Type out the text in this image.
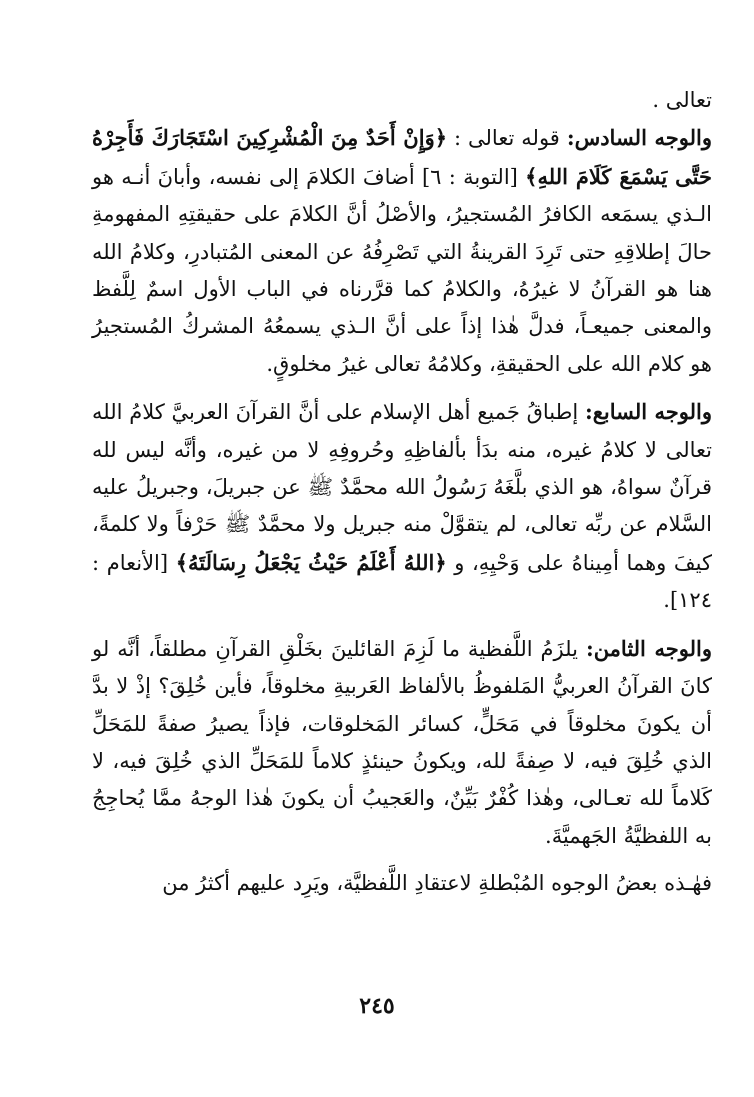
تعالى .

والوجه السادس: قوله تعالى : ﴿وَإِنْ أَحَدٌ مِنَ الْمُشْرِكِينَ اسْتَجَارَكَ فَأَجِرْهُ حَتَّى يَسْمَعَ كَلَامَ اللهِ﴾ [التوبة : ٦] أضافَ الكلامَ إلى نفسه، وأبانَ أنـه هو الـذي يسمَعه الكافرُ المُستجيرُ، والأصْلُ أنَّ الكلامَ على حقيقتِهِ المفهومةِ حالَ إطلاقِهِ حتى تَرِدَ القرينةُ التي تَصْرِفُهُ عن المعنى المُتبادرِ، وكلامُ الله هنا هو القرآنُ لا غيرُهُ، والكلامُ كما قرَّرناه في الباب الأول اسمٌ لِلَّفظ والمعنى جميعـاً، فدلَّ هٰذا إذاً على أنَّ الـذي يسمعُهُ المشركُ المُستجيرُ هو كلام الله على الحقيقةِ، وكلامُهُ تعالى غيرُ مخلوقٍ.

والوجه السابع: إطباقُ جَميع أهل الإسلام على أنَّ القرآنَ العربيَّ كلامُ الله تعالى لا كلامُ غيره، منه بدَأ بألفاظِهِ وحُروفِهِ لا من غيره، وأنَّه ليس لله قرآنٌ سواهُ، هو الذي بلَّغَهُ رَسُولُ الله محمَّدٌ ﷺ عن جبريلَ، وجبريلُ عليه السَّلام عن ربِّه تعالى، لم يتقوَّلْ منه جبريل ولا محمَّدٌ ﷺ حَرْفاً ولا كلمةً، كيفَ وهما أمِيناهُ على وَحْيِهِ، و ﴿اللهُ أَعْلَمُ حَيْثُ يَجْعَلُ رِسَالَتَهُ﴾ [الأنعام : ١٢٤].

والوجه الثامن: يلزَمُ اللَّفظية ما لَزِمَ القائلينَ بخَلْقِ القرآنِ مطلقاً، أنَّه لو كانَ القرآنُ العربيُّ المَلفوظُ بالألفاظ العَربيةِ مخلوقاً، فأين خُلِقَ؟ إذْ لا بدَّ أن يكونَ مخلوقاً في مَحَلٍّ، كسائر المَخلوقات، فإذاً يصيرُ صفةً للمَحَلِّ الذي خُلِقَ فيه، لا صِفةً لله، ويكونُ حينئذٍ كلاماً للمَحَلِّ الذي خُلِقَ فيه، لا كَلاماً لله تعـالى، وهٰذا كُفْرٌ بَيِّنٌ، والعَجيبُ أن يكونَ هٰذا الوجهُ ممَّا يُحاجِجُ به اللفظيَّةُ الجَهميَّةَ.

فهٰـذه بعضُ الوجوه المُبْطلةِ لاعتقادِ اللَّفظيَّة، ويَرِد عليهم أكثرُ من

٢٤٥
